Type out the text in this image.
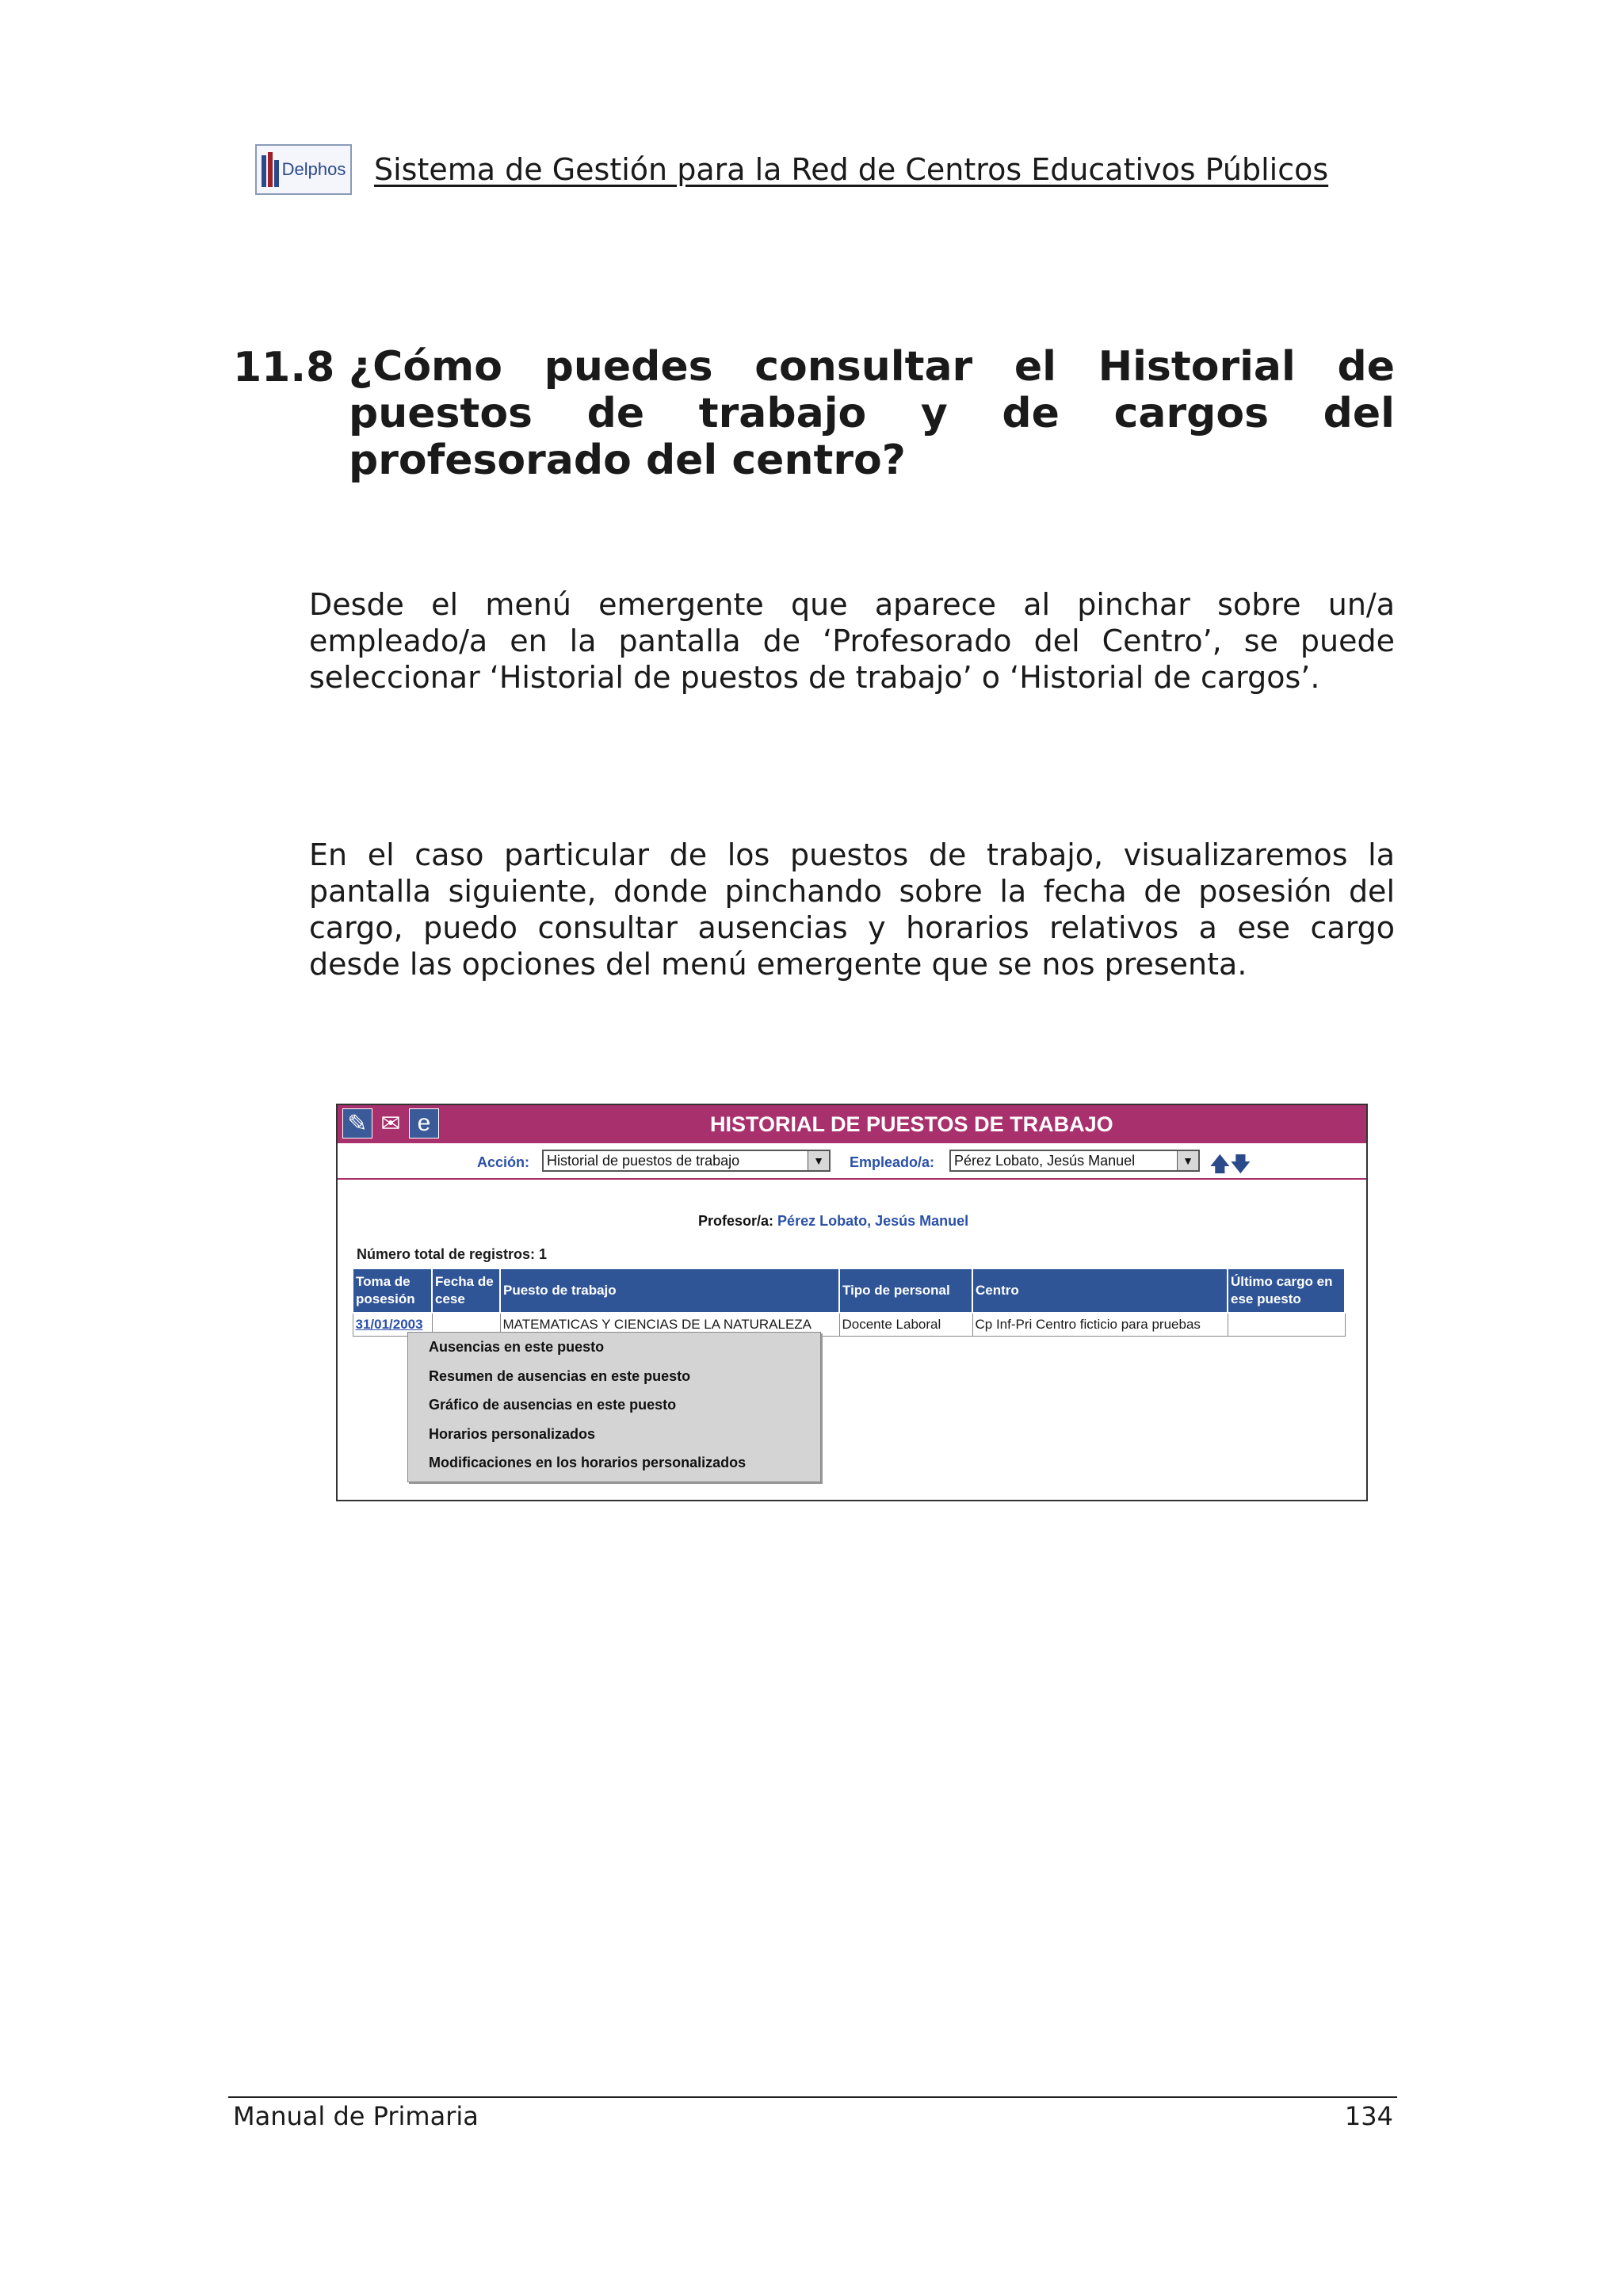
Delphos Sistema de Gestión para la Red de Centros Educativos Públicos
11.8 ¿Cómo puedes consultar el Historial de puestos de trabajo y de cargos del profesorado del centro?

Desde el menú emergente que aparece al pinchar sobre un/a empleado/a en la pantalla de ‘Profesorado del Centro’, se puede seleccionar ‘Historial de puestos de trabajo’ o ‘Historial de cargos’.

En el caso particular de los puestos de trabajo, visualizaremos la pantalla siguiente, donde pinchando sobre la fecha de posesión del cargo, puedo consultar ausencias y horarios relativos a ese cargo desde las opciones del menú emergente que se nos presenta.

✎ ✉ e	HISTORIAL DE PUESTOS DE TRABAJO
Acción:	Historial de puestos de trabajo	▼	Empleado/a:	Pérez Lobato, Jesús Manuel	▼ 🡅 🡇
Profesor/a: Pérez Lobato, Jesús Manuel
Número total de registros: 1
Toma de posesión	Fecha de cese	Puesto de trabajo	Tipo de personal	Centro	Último cargo en ese puesto
31/01/2003		MATEMATICAS Y CIENCIAS DE LA NATURALEZA	Docente Laboral	Cp Inf-Pri Centro ficticio para pruebas	
Ausencias en este puesto
Resumen de ausencias en este puesto
Gráfico de ausencias en este puesto
Horarios personalizados
Modificaciones en los horarios personalizados
Manual de Primaria	134
